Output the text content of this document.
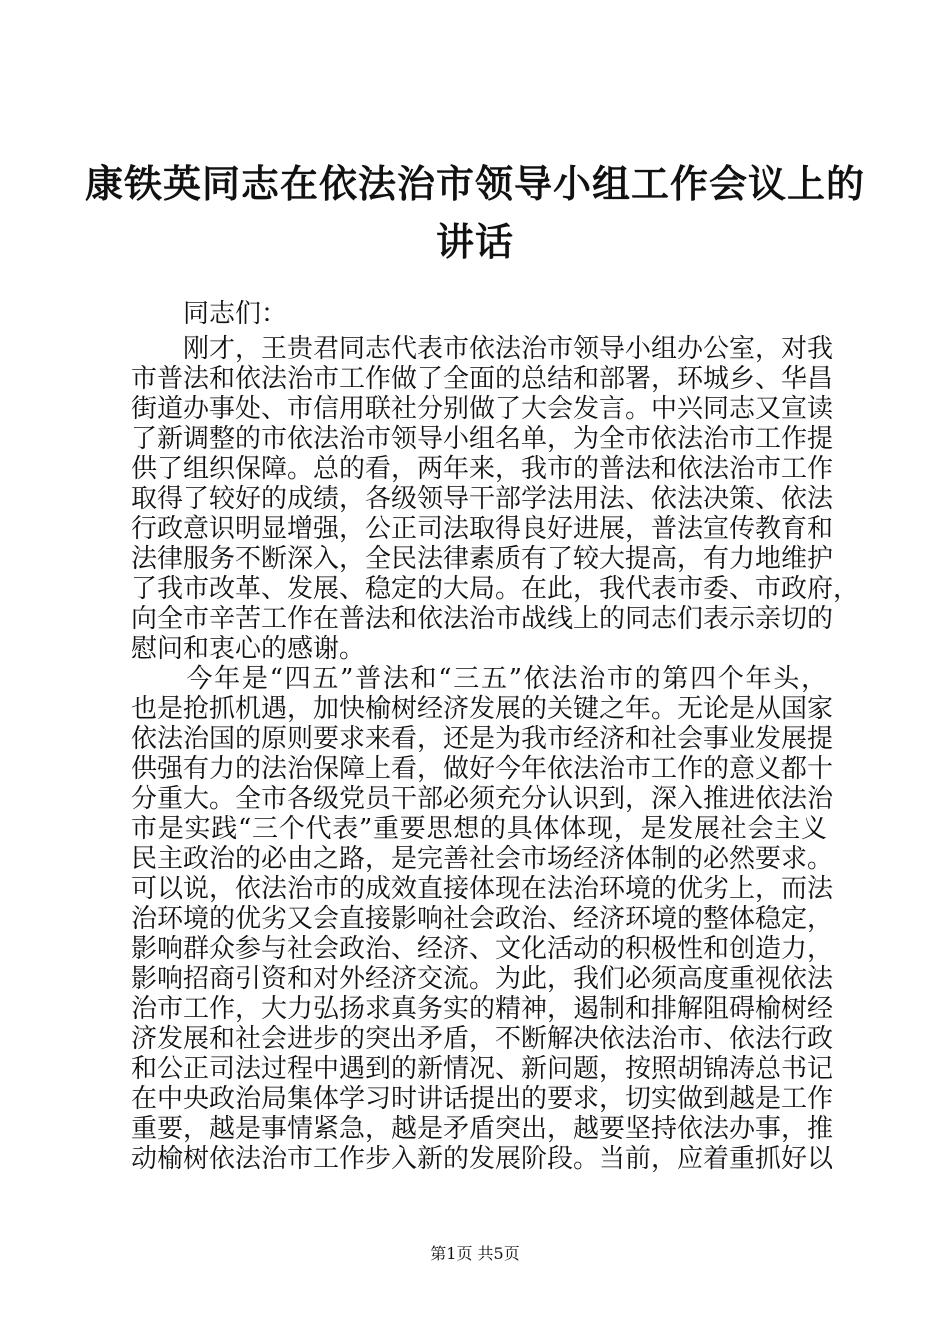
康铁英同志在依法治市领导小组工作会议上的
讲话
　　同志们：
　　刚才，王贵君同志代表市依法治市领导小组办公室，对我
市普法和依法治市工作做了全面的总结和部署，环城乡、华昌
街道办事处、市信用联社分别做了大会发言。中兴同志又宣读
了新调整的市依法治市领导小组名单，为全市依法治市工作提
供了组织保障。总的看，两年来，我市的普法和依法治市工作
取得了较好的成绩，各级领导干部学法用法、依法决策、依法
行政意识明显增强，公正司法取得良好进展，普法宣传教育和
法律服务不断深入，全民法律素质有了较大提高，有力地维护
了我市改革、发展、稳定的大局。在此，我代表市委、市政府，
向全市辛苦工作在普法和依法治市战线上的同志们表示亲切的
慰问和衷心的感谢。
　　今年是“四五”普法和“三五”依法治市的第四个年头，
也是抢抓机遇，加快榆树经济发展的关键之年。无论是从国家
依法治国的原则要求来看，还是为我市经济和社会事业发展提
供强有力的法治保障上看，做好今年依法治市工作的意义都十
分重大。全市各级党员干部必须充分认识到，深入推进依法治
市是实践“三个代表”重要思想的具体体现，是发展社会主义
民主政治的必由之路，是完善社会市场经济体制的必然要求。
可以说，依法治市的成效直接体现在法治环境的优劣上，而法
治环境的优劣又会直接影响社会政治、经济环境的整体稳定，
影响群众参与社会政治、经济、文化活动的积极性和创造力，
影响招商引资和对外经济交流。为此，我们必须高度重视依法
治市工作，大力弘扬求真务实的精神，遏制和排解阻碍榆树经
济发展和社会进步的突出矛盾，不断解决依法治市、依法行政
和公正司法过程中遇到的新情况、新问题，按照胡锦涛总书记
在中央政治局集体学习时讲话提出的要求，切实做到越是工作
重要，越是事情紧急，越是矛盾突出，越要坚持依法办事，推
动榆树依法治市工作步入新的发展阶段。当前，应着重抓好以
第1页 共5页
